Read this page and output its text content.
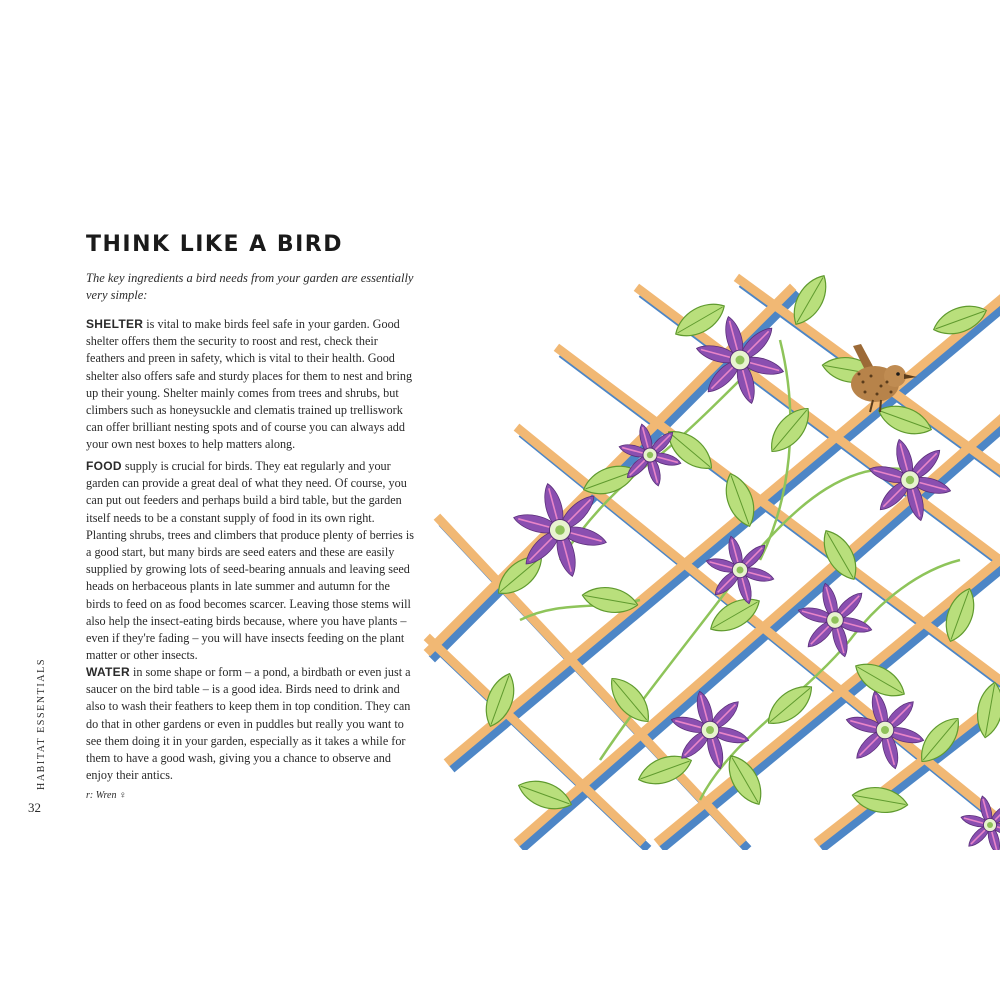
THINK LIKE A BIRD

The key ingredients a bird needs from your garden are essentially very simple:

SHELTER is vital to make birds feel safe in your garden. Good shelter offers them the security to roost and rest, check their feathers and preen in safety, which is vital to their health. Good shelter also offers safe and sturdy places for them to nest and bring up their young. Shelter mainly comes from trees and shrubs, but climbers such as honeysuckle and clematis trained up trelliswork can offer brilliant nesting spots and of course you can always add your own nest boxes to help matters along.

FOOD supply is crucial for birds. They eat regularly and your garden can provide a great deal of what they need. Of course, you can put out feeders and perhaps build a bird table, but the garden itself needs to be a constant supply of food in its own right. Planting shrubs, trees and climbers that produce plenty of berries is a good start, but many birds are seed eaters and these are easily supplied by growing lots of seed-bearing annuals and leaving seed heads on herbaceous plants in late summer and autumn for the birds to feed on as food becomes scarcer. Leaving those stems will also help the insect-eating birds because, where you have plants – even if they're fading – you will have insects feeding on the plant matter or other insects.

WATER in some shape or form – a pond, a birdbath or even just a saucer on the bird table – is a good idea. Birds need to drink and also to wash their feathers to keep them in top condition. They can do that in other gardens or even in puddles but really you want to see them doing it in your garden, especially as it takes a while for them to have a good wash, giving you a chance to observe and enjoy their antics.

r: Wren ♀

HABITAT ESSENTIALS
32
